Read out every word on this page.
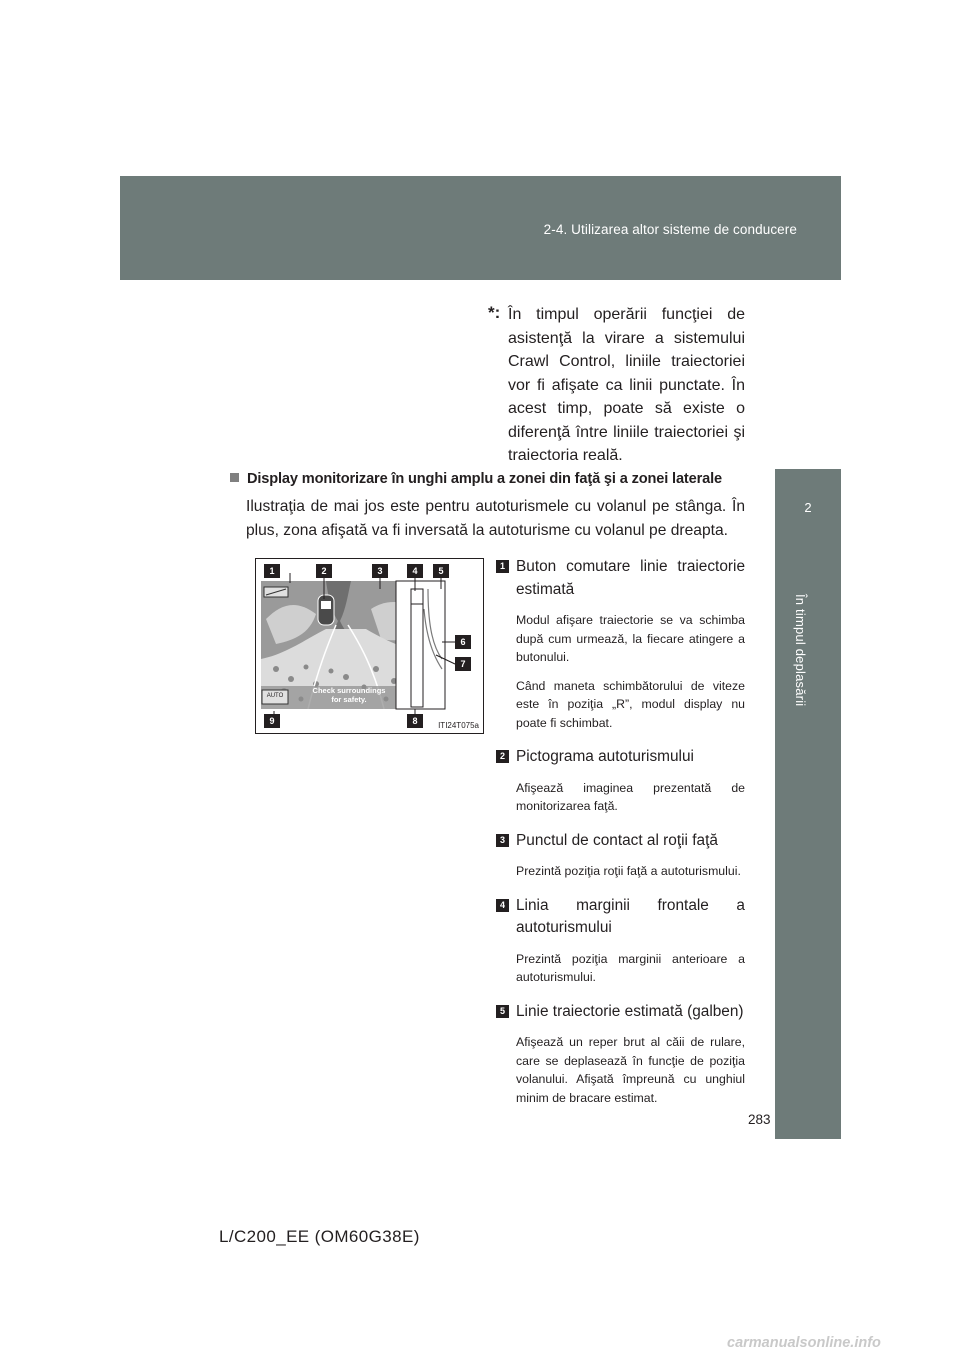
2-4. Utilizarea altor sisteme de conducere
2
În timpul deplasării
*: În timpul operării funcţiei de asistenţă la virare a sistemului Crawl Control, liniile traiectoriei vor fi afişate ca linii punctate. În acest timp, poate să existe o diferenţă între liniile traiectoriei şi traiectoria reală.

Display monitorizare în unghi amplu a zonei din faţă şi a zonei laterale

Ilustraţia de mai jos este pentru autoturismele cu volanul pe stânga. În plus, zona afişată va fi inversată la autoturisme cu volanul pe dreapta.

1	2	3	4	5
6
7
8
9
AUTO
Check surroundings
for safety.
ITI24T075a
1 Buton comutare linie traiectorie estimată

Modul afişare traiectorie se va schimba după cum urmează, la fiecare atingere a butonului.

Când maneta schimbătorului de viteze este în poziţia „R”, modul display nu poate fi schimbat.

2 Pictograma autoturismului

Afişează imaginea prezentată de monitorizarea faţă.

3 Punctul de contact al roţii faţă

Prezintă poziţia roţii faţă a autoturismului.

4 Linia marginii frontale a autoturismului

Prezintă poziţia marginii anterioare a autoturismului.

5 Linie traiectorie estimată (galben)

Afişează un reper brut al căii de rulare, care se deplasează în funcţie de poziţia volanului. Afişată împreună cu unghiul minim de bracare estimat.

283
L/C200_EE (OM60G38E)
carmanualsonline.info
